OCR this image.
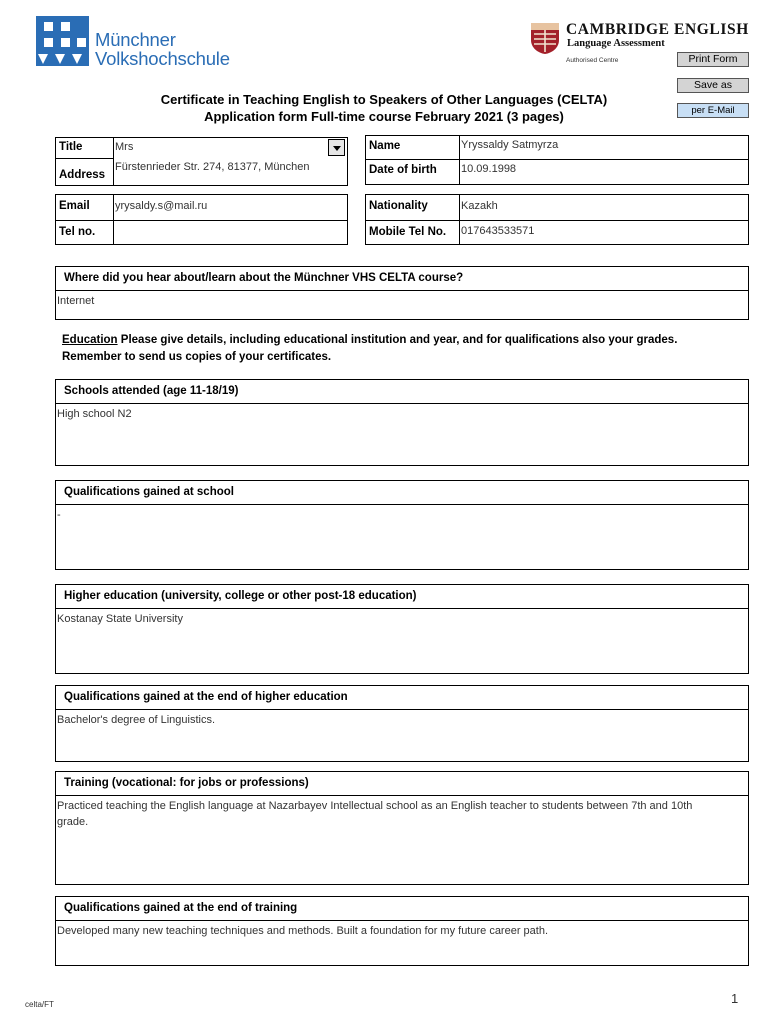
Münchner
Volkshochschule
CAMBRIDGE ENGLISH
Language Assessment
Authorised Centre	Print Form
Save as
per E-Mail
Certificate in Teaching English to Speakers of Other Languages (CELTA)
Application form Full-time course February 2021 (3 pages)
Title	Mrs
Address
Fürstenrieder Str. 274, 81377, München
Email yrysaldy.s@mail.ru
Tel no.
Name	Yryssaldy Satmyrza
Date of birth 10.09.1998
Nationality	Kazakh
Mobile Tel No. 017643533571
Where did you hear about/learn about the Münchner VHS CELTA course?
Internet
Education Please give details, including educational institution and year, and for qualifications also your grades.
Remember to send us copies of your certificates.
Schools attended (age 11-18/19)
High school N2
Qualifications gained at school
-
Higher education (university, college or other post-18 education)
Kostanay State University
Qualifications gained at the end of higher education
Bachelor's degree of Linguistics.
Training (vocational: for jobs or professions)
Practiced teaching the English language at Nazarbayev Intellectual school as an English teacher to students between 7th and 10th grade.
Qualifications gained at the end of training
Developed many new teaching techniques and methods. Built a foundation for my future career path.
celta/FT	1
